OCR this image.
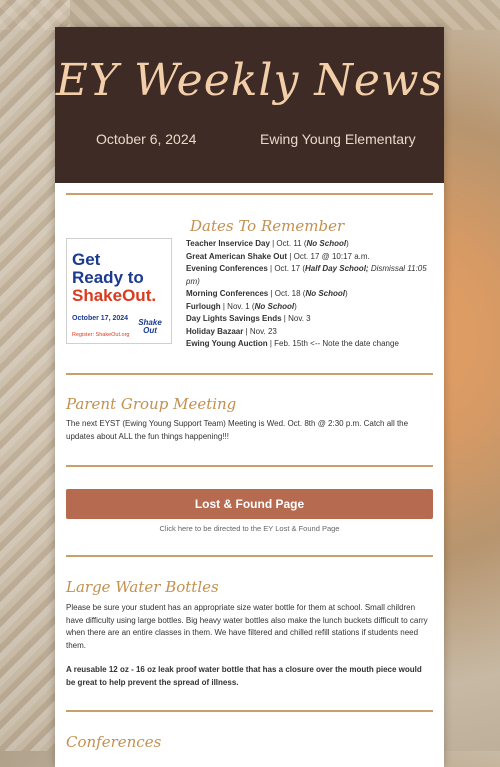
EY Weekly News
October 6, 2024	Ewing Young Elementary
Dates To Remember
Get
Ready to
ShakeOut.
October 17, 2024
Register: ShakeOut.org
Shake Out
Teacher Inservice Day | Oct. 11 (No School)
Great American Shake Out | Oct. 17 @ 10:17 a.m.
Evening Conferences | Oct. 17 (Half Day School; Dismissal 11:05 pm)
Morning Conferences | Oct. 18 (No School)
Furlough | Nov. 1 (No School)
Day Lights Savings Ends | Nov. 3
Holiday Bazaar | Nov. 23
Ewing Young Auction | Feb. 15th <-- Note the date change
Parent Group Meeting
The next EYST (Ewing Young Support Team) Meeting is Wed. Oct. 8th @ 2:30 p.m. Catch all the updates about ALL the fun things happening!!!
Lost & Found Page
Click here to be directed to the EY Lost & Found Page
Large Water Bottles
Please be sure your student has an appropriate size water bottle for them at school. Small children have difficulty using large bottles. Big heavy water bottles also make the lunch buckets difficult to carry when there are an entire classes in them. We have filtered and chilled refill stations if students need them.
A reusable 12 oz - 16 oz leak proof water bottle that has a closure over the mouth piece would be great to help prevent the spread of illness.
Conferences
